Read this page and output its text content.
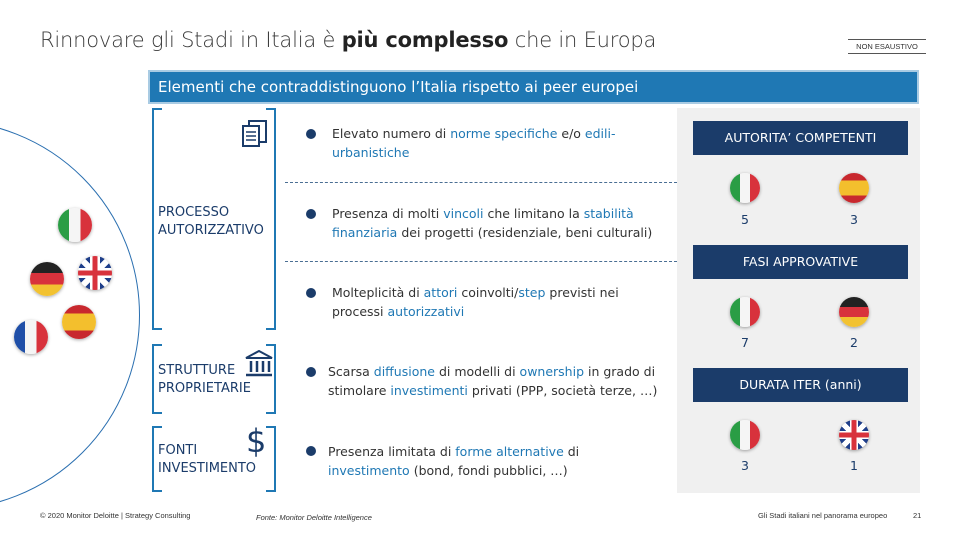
Rinnovare gli Stadi in Italia è più complesso che in Europa	NON ESAUSTIVO
Elementi che contraddistinguono l’Italia rispetto ai peer europei
PROCESSO
AUTORIZZATIVO
STRUTTURE
PROPRIETARIE
FONTI
INVESTIMENTO
$
Elevato numero di norme specifiche e/o edili-urbanistiche
Presenza di molti vincoli che limitano la stabilità finanziaria dei progetti (residenziale, beni culturali)
Molteplicità di attori coinvolti/step previsti nei processi autorizzativi
Scarsa diffusione di modelli di ownership in grado di stimolare investimenti privati (PPP, società terze, …)
Presenza limitata di forme alternative di investimento (bond, fondi pubblici, …)
AUTORITA’ COMPETENTI
5	3
FASI APPROVATIVE
7	2
DURATA ITER (anni)
3	1
© 2020 Monitor Deloitte | Strategy Consulting	Fonte: Monitor Deloitte Intelligence	Gli Stadi italiani nel panorama europeo	21
